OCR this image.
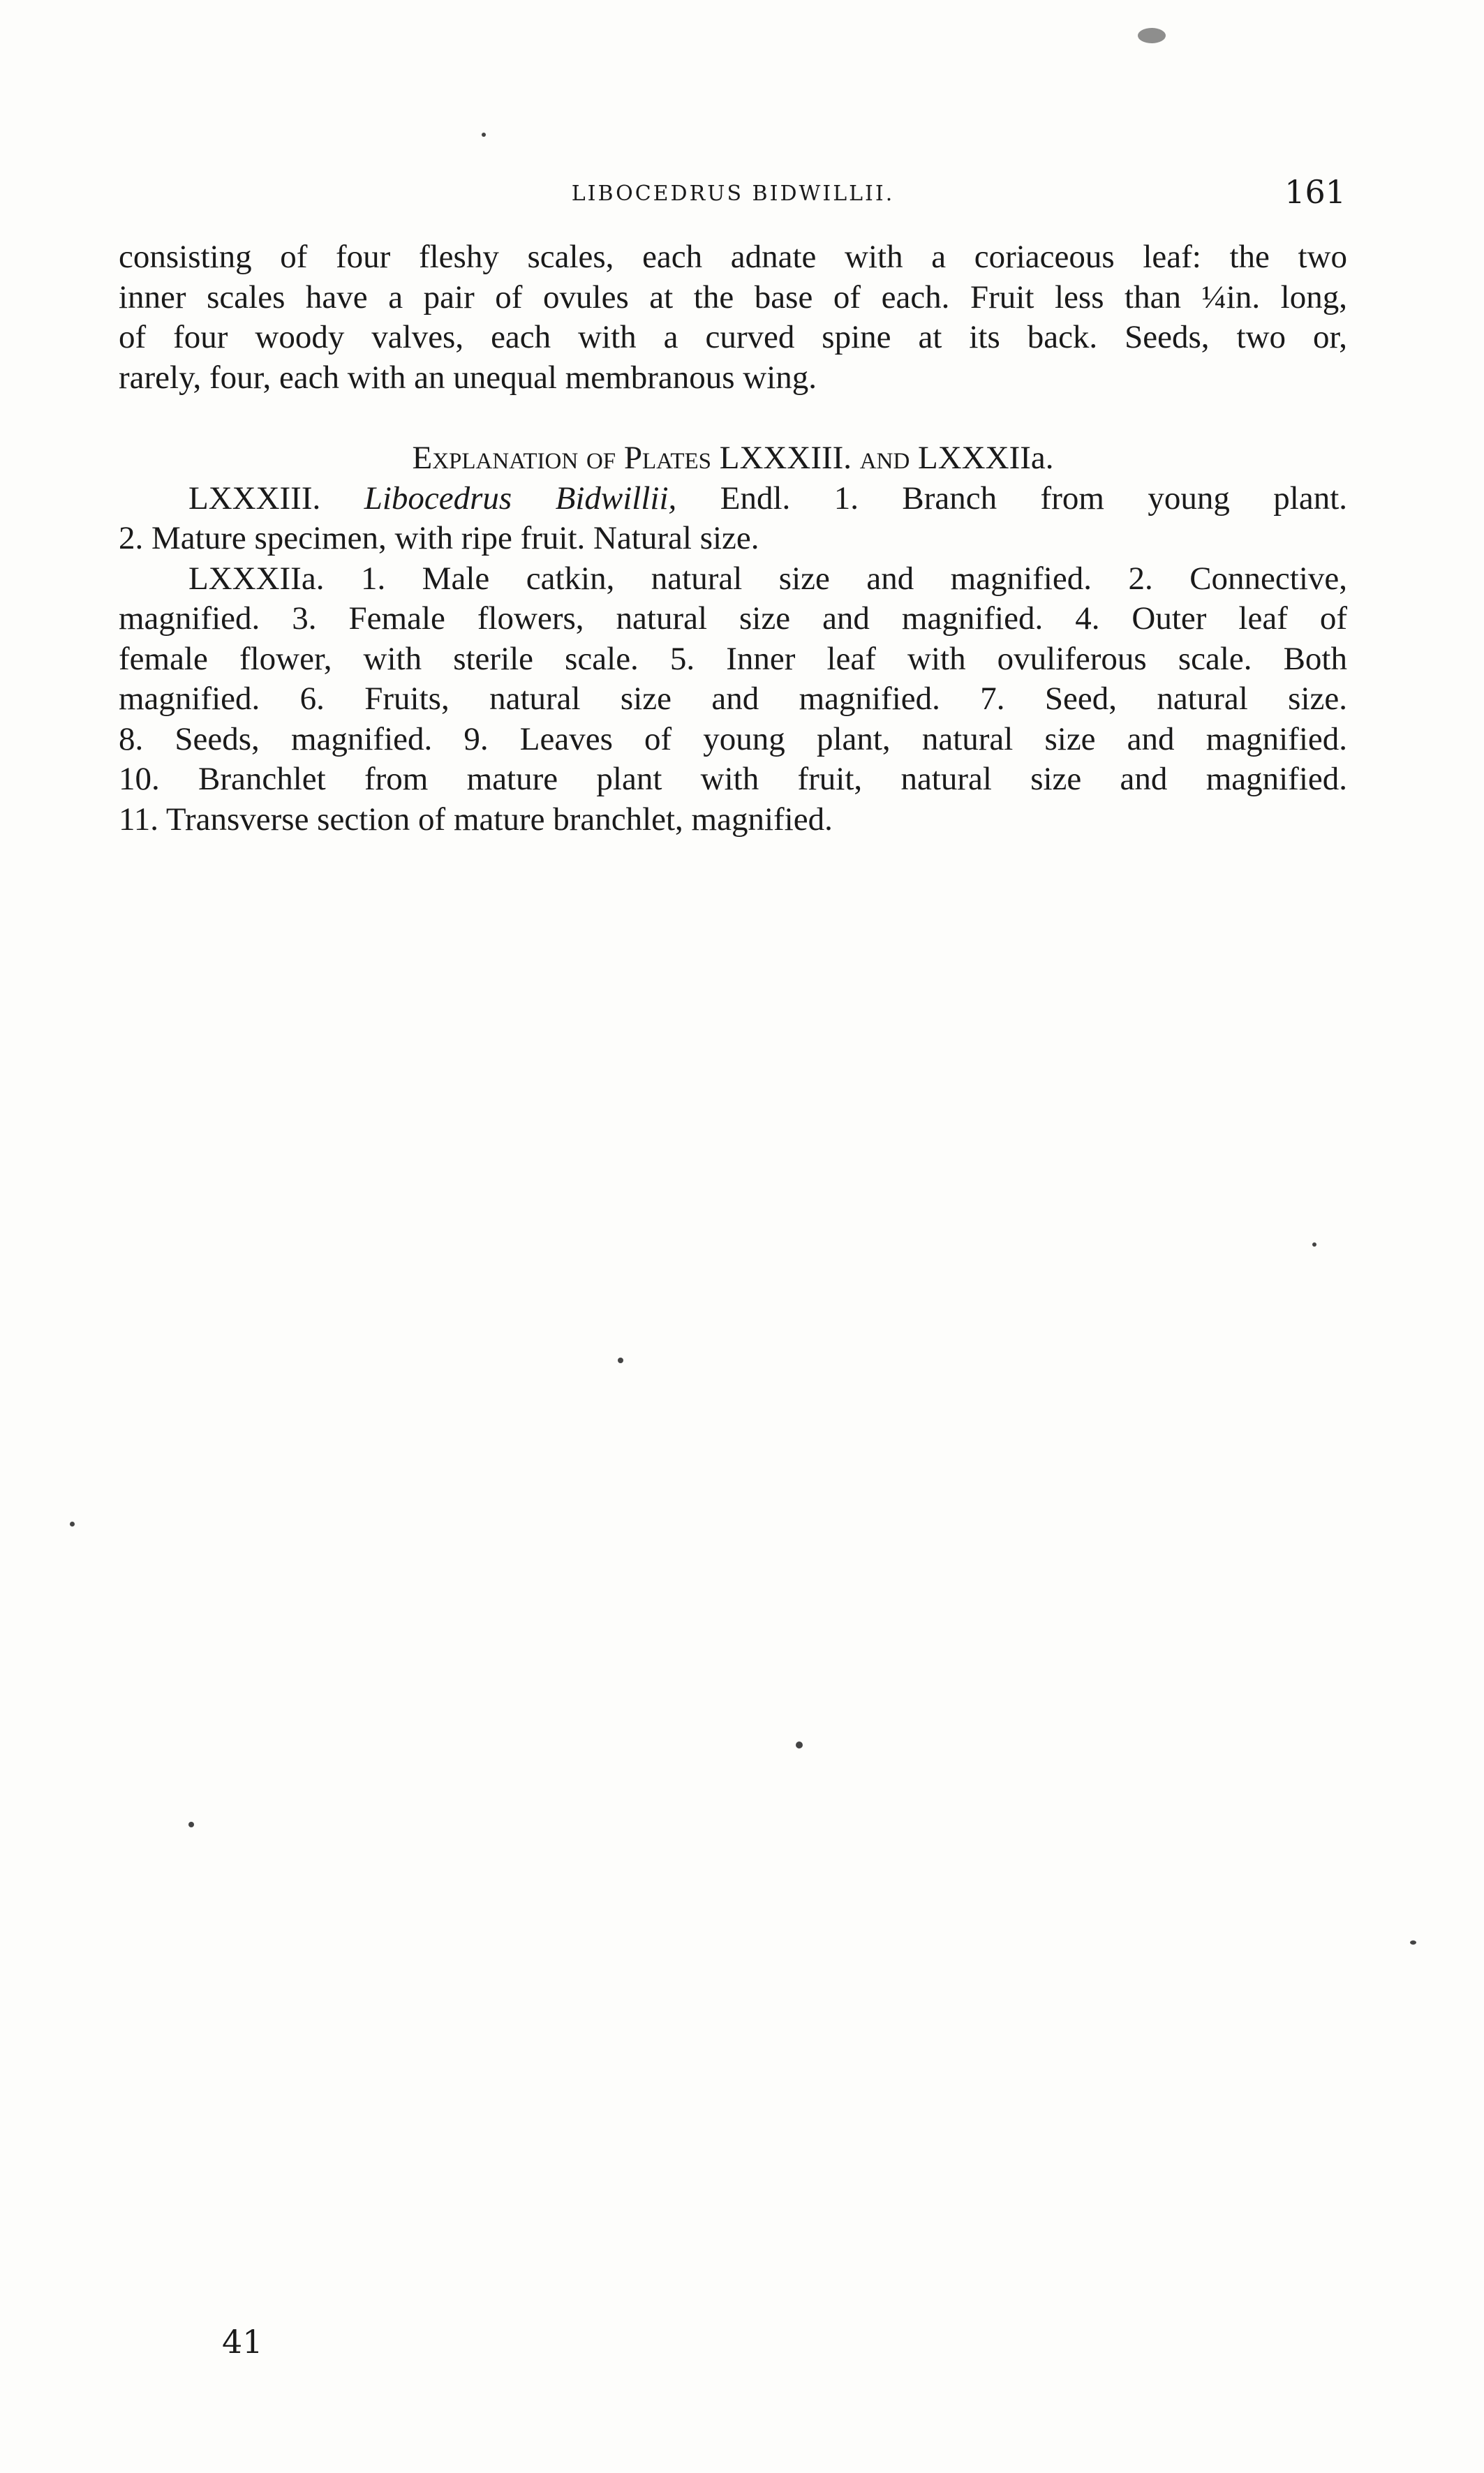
LIBOCEDRUS BIDWILLII.	161
consisting of four fleshy scales, each adnate with a coriaceous leaf: the two
inner scales have a pair of ovules at the base of each. Fruit less than ¼in. long,
of four woody valves, each with a curved spine at its back. Seeds, two or,
rarely, four, each with an unequal membranous wing.
Explanation of Plates LXXXIII. and LXXXIIa.
LXXXIII. Libocedrus Bidwillii, Endl. 1. Branch from young plant.
2. Mature specimen, with ripe fruit. Natural size.
LXXXIIa. 1. Male catkin, natural size and magnified. 2. Connective,
magnified. 3. Female flowers, natural size and magnified. 4. Outer leaf of
female flower, with sterile scale. 5. Inner leaf with ovuliferous scale. Both
magnified. 6. Fruits, natural size and magnified. 7. Seed, natural size.
8. Seeds, magnified. 9. Leaves of young plant, natural size and magnified.
10. Branchlet from mature plant with fruit, natural size and magnified.
11. Transverse section of mature branchlet, magnified.
41
